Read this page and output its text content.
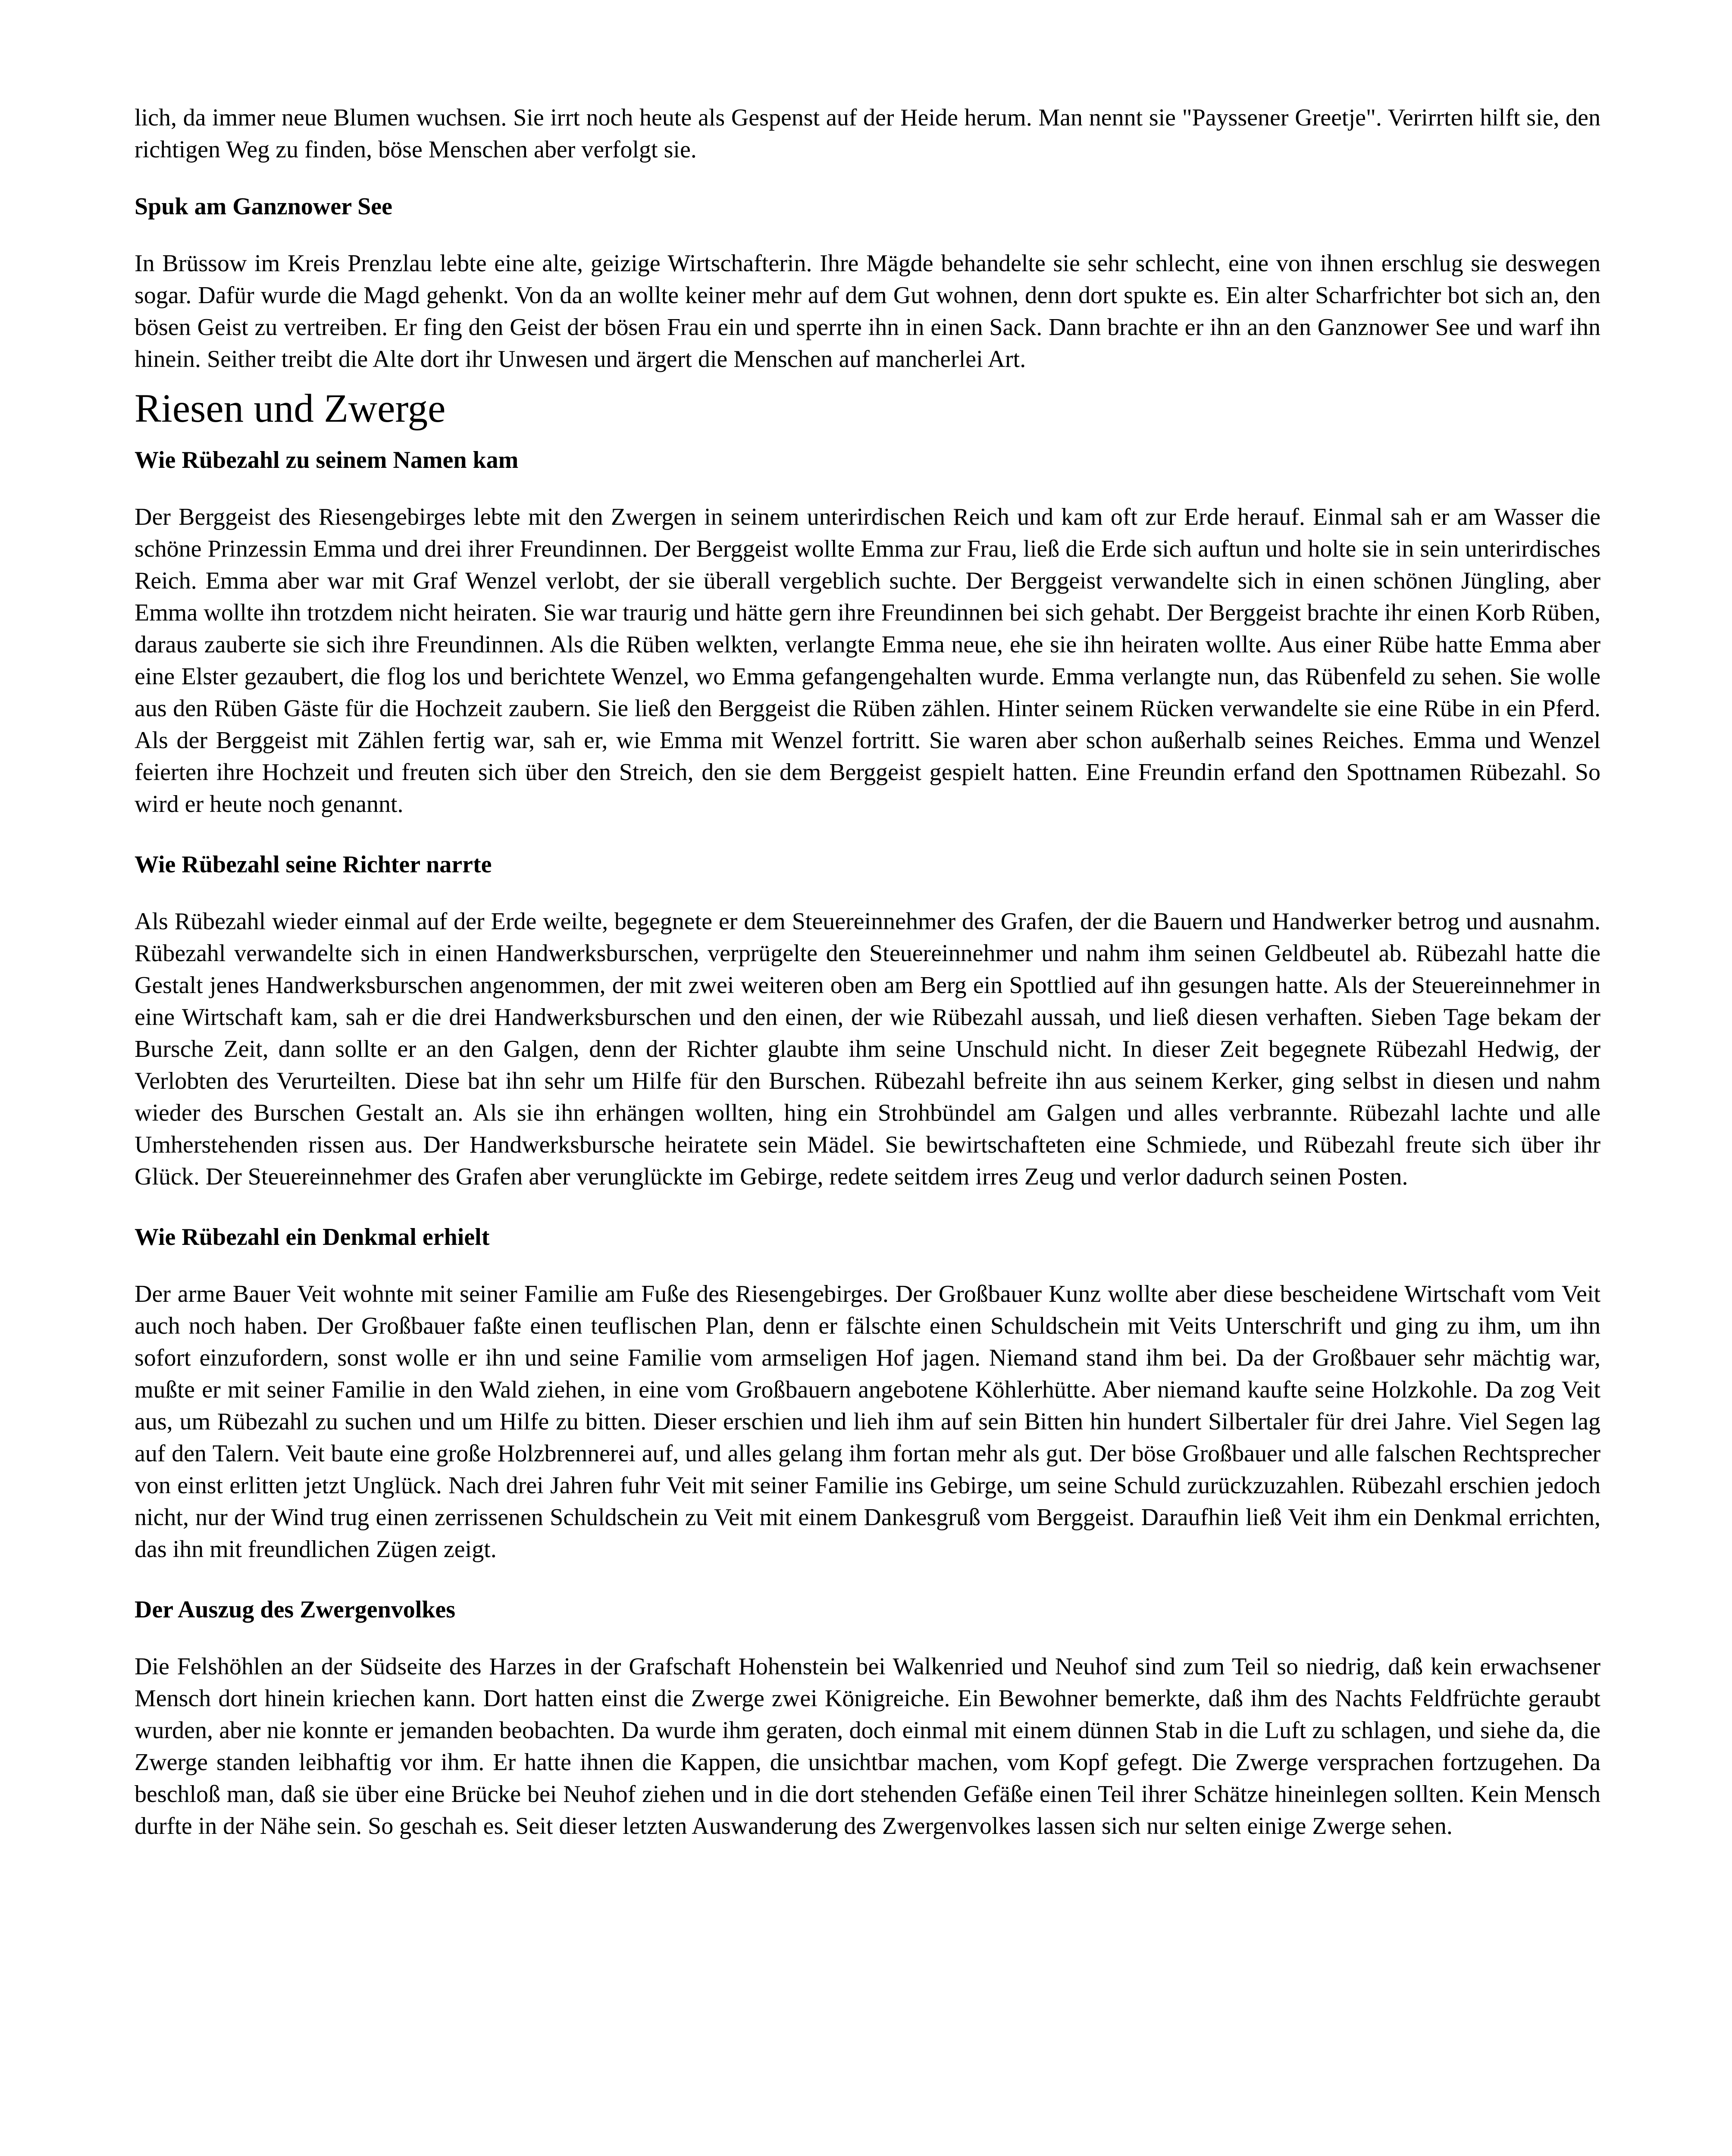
lich, da immer neue Blumen wuchsen. Sie irrt noch heute als Gespenst auf der Heide herum. Man nennt sie "Payssener Greetje". Verirrten hilft sie, den richtigen Weg zu finden, böse Menschen aber verfolgt sie.

Spuk am Ganznower See

In Brüssow im Kreis Prenzlau lebte eine alte, geizige Wirtschafterin. Ihre Mägde behandelte sie sehr schlecht, eine von ihnen erschlug sie deswegen sogar. Dafür wurde die Magd gehenkt. Von da an wollte keiner mehr auf dem Gut wohnen, denn dort spukte es. Ein alter Scharfrichter bot sich an, den bösen Geist zu vertreiben. Er fing den Geist der bösen Frau ein und sperrte ihn in einen Sack. Dann brachte er ihn an den Ganznower See und warf ihn hinein. Seither treibt die Alte dort ihr Unwesen und ärgert die Menschen auf mancherlei Art.

Riesen und Zwerge
Wie Rübezahl zu seinem Namen kam

Der Berggeist des Riesengebirges lebte mit den Zwergen in seinem unterirdischen Reich und kam oft zur Erde herauf. Einmal sah er am Wasser die schöne Prinzessin Emma und drei ihrer Freundinnen. Der Berggeist wollte Emma zur Frau, ließ die Erde sich auftun und holte sie in sein unterirdisches Reich. Emma aber war mit Graf Wenzel verlobt, der sie überall vergeblich suchte. Der Berggeist verwandelte sich in einen schönen Jüngling, aber Emma wollte ihn trotzdem nicht heiraten. Sie war traurig und hätte gern ihre Freundinnen bei sich gehabt. Der Berggeist brachte ihr einen Korb Rüben, daraus zauberte sie sich ihre Freundinnen. Als die Rüben welkten, verlangte Emma neue, ehe sie ihn heiraten wollte. Aus einer Rübe hatte Emma aber eine Elster gezaubert, die flog los und berichtete Wenzel, wo Emma gefangengehalten wurde. Emma verlangte nun, das Rübenfeld zu sehen. Sie wolle aus den Rüben Gäste für die Hochzeit zaubern. Sie ließ den Berggeist die Rüben zählen. Hinter seinem Rücken verwandelte sie eine Rübe in ein Pferd. Als der Berggeist mit Zählen fertig war, sah er, wie Emma mit Wenzel fortritt. Sie waren aber schon außerhalb seines Reiches. Emma und Wenzel feierten ihre Hochzeit und freuten sich über den Streich, den sie dem Berggeist gespielt hatten. Eine Freundin erfand den Spottnamen Rübezahl. So wird er heute noch genannt.

Wie Rübezahl seine Richter narrte

Als Rübezahl wieder einmal auf der Erde weilte, begegnete er dem Steuereinnehmer des Grafen, der die Bauern und Handwerker betrog und ausnahm. Rübezahl verwandelte sich in einen Handwerksburschen, verprügelte den Steuereinnehmer und nahm ihm seinen Geldbeutel ab. Rübezahl hatte die Gestalt jenes Handwerksburschen angenommen, der mit zwei weiteren oben am Berg ein Spottlied auf ihn gesungen hatte. Als der Steuereinnehmer in eine Wirtschaft kam, sah er die drei Handwerksburschen und den einen, der wie Rübezahl aussah, und ließ diesen verhaften. Sieben Tage bekam der Bursche Zeit, dann sollte er an den Galgen, denn der Richter glaubte ihm seine Unschuld nicht. In dieser Zeit begegnete Rübezahl Hedwig, der Verlobten des Verurteilten. Diese bat ihn sehr um Hilfe für den Burschen. Rübezahl befreite ihn aus seinem Kerker, ging selbst in diesen und nahm wieder des Burschen Gestalt an. Als sie ihn erhängen wollten, hing ein Strohbündel am Galgen und alles verbrannte. Rübezahl lachte und alle Umherstehenden rissen aus. Der Handwerksbursche heiratete sein Mädel. Sie bewirtschafteten eine Schmiede, und Rübezahl freute sich über ihr Glück. Der Steuereinnehmer des Grafen aber verunglückte im Gebirge, redete seitdem irres Zeug und verlor dadurch seinen Posten.

Wie Rübezahl ein Denkmal erhielt

Der arme Bauer Veit wohnte mit seiner Familie am Fuße des Riesengebirges. Der Großbauer Kunz wollte aber diese bescheidene Wirtschaft vom Veit auch noch haben. Der Großbauer faßte einen teuflischen Plan, denn er fälschte einen Schuldschein mit Veits Unterschrift und ging zu ihm, um ihn sofort einzufordern, sonst wolle er ihn und seine Familie vom armseligen Hof jagen. Niemand stand ihm bei. Da der Großbauer sehr mächtig war, mußte er mit seiner Familie in den Wald ziehen, in eine vom Großbauern angebotene Köhlerhütte. Aber niemand kaufte seine Holzkohle. Da zog Veit aus, um Rübezahl zu suchen und um Hilfe zu bitten. Dieser erschien und lieh ihm auf sein Bitten hin hundert Silbertaler für drei Jahre. Viel Segen lag auf den Talern. Veit baute eine große Holzbrennerei auf, und alles gelang ihm fortan mehr als gut. Der böse Großbauer und alle falschen Rechtsprecher von einst erlitten jetzt Unglück. Nach drei Jahren fuhr Veit mit seiner Familie ins Gebirge, um seine Schuld zurückzuzahlen. Rübezahl erschien jedoch nicht, nur der Wind trug einen zerrissenen Schuldschein zu Veit mit einem Dankesgruß vom Berggeist. Daraufhin ließ Veit ihm ein Denkmal errichten, das ihn mit freundlichen Zügen zeigt.

Der Auszug des Zwergenvolkes

Die Felshöhlen an der Südseite des Harzes in der Grafschaft Hohenstein bei Walkenried und Neuhof sind zum Teil so niedrig, daß kein erwachsener Mensch dort hinein kriechen kann. Dort hatten einst die Zwerge zwei Königreiche. Ein Bewohner bemerkte, daß ihm des Nachts Feldfrüchte geraubt wurden, aber nie konnte er jemanden beobachten. Da wurde ihm geraten, doch einmal mit einem dünnen Stab in die Luft zu schlagen, und siehe da, die Zwerge standen leibhaftig vor ihm. Er hatte ihnen die Kappen, die unsichtbar machen, vom Kopf gefegt. Die Zwerge versprachen fortzugehen. Da beschloß man, daß sie über eine Brücke bei Neuhof ziehen und in die dort stehenden Gefäße einen Teil ihrer Schätze hineinlegen sollten. Kein Mensch durfte in der Nähe sein. So geschah es. Seit dieser letzten Auswanderung des Zwergenvolkes lassen sich nur selten einige Zwerge sehen.
